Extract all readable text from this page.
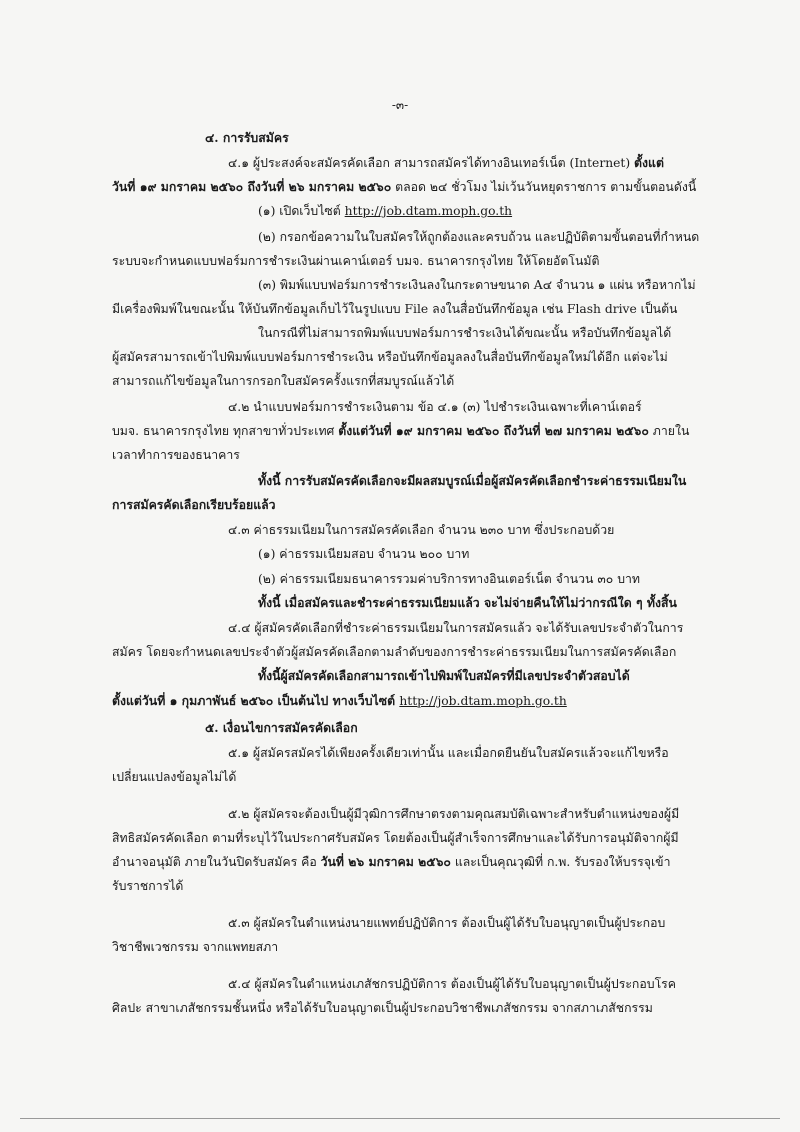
-๓-
๔. การรับสมัคร
๔.๑ ผู้ประสงค์จะสมัครคัดเลือก สามารถสมัครได้ทางอินเทอร์เน็ต (Internet) ตั้งแต่
วันที่ ๑๙ มกราคม ๒๕๖๐ ถึงวันที่ ๒๖ มกราคม ๒๕๖๐ ตลอด ๒๔ ชั่วโมง ไม่เว้นวันหยุดราชการ ตามขั้นตอนดังนี้
(๑) เปิดเว็บไซต์ http://job.dtam.moph.go.th
(๒) กรอกข้อความในใบสมัครให้ถูกต้องและครบถ้วน และปฏิบัติตามขั้นตอนที่กำหนด
ระบบจะกำหนดแบบฟอร์มการชำระเงินผ่านเคาน์เตอร์ บมจ. ธนาคารกรุงไทย ให้โดยอัตโนมัติ
(๓) พิมพ์แบบฟอร์มการชำระเงินลงในกระดาษขนาด A๔ จำนวน ๑ แผ่น หรือหากไม่
มีเครื่องพิมพ์ในขณะนั้น ให้บันทึกข้อมูลเก็บไว้ในรูปแบบ File ลงในสื่อบันทึกข้อมูล เช่น Flash drive เป็นต้น
ในกรณีที่ไม่สามารถพิมพ์แบบฟอร์มการชำระเงินได้ขณะนั้น หรือบันทึกข้อมูลได้
ผู้สมัครสามารถเข้าไปพิมพ์แบบฟอร์มการชำระเงิน หรือบันทึกข้อมูลลงในสื่อบันทึกข้อมูลใหม่ได้อีก แต่จะไม่
สามารถแก้ไขข้อมูลในการกรอกใบสมัครครั้งแรกที่สมบูรณ์แล้วได้
๔.๒ นำแบบฟอร์มการชำระเงินตาม ข้อ ๔.๑ (๓) ไปชำระเงินเฉพาะที่เคาน์เตอร์
บมจ. ธนาคารกรุงไทย ทุกสาขาทั่วประเทศ ตั้งแต่วันที่ ๑๙ มกราคม ๒๕๖๐ ถึงวันที่ ๒๗ มกราคม ๒๕๖๐ ภายใน
เวลาทำการของธนาคาร
ทั้งนี้ การรับสมัครคัดเลือกจะมีผลสมบูรณ์เมื่อผู้สมัครคัดเลือกชำระค่าธรรมเนียมใน
การสมัครคัดเลือกเรียบร้อยแล้ว
๔.๓ ค่าธรรมเนียมในการสมัครคัดเลือก จำนวน ๒๓๐ บาท ซึ่งประกอบด้วย
(๑) ค่าธรรมเนียมสอบ จำนวน ๒๐๐ บาท
(๒) ค่าธรรมเนียมธนาคารรวมค่าบริการทางอินเตอร์เน็ต จำนวน ๓๐ บาท
ทั้งนี้ เมื่อสมัครและชำระค่าธรรมเนียมแล้ว จะไม่จ่ายคืนให้ไม่ว่ากรณีใด ๆ ทั้งสิ้น
๔.๔ ผู้สมัครคัดเลือกที่ชำระค่าธรรมเนียมในการสมัครแล้ว จะได้รับเลขประจำตัวในการ
สมัคร โดยจะกำหนดเลขประจำตัวผู้สมัครคัดเลือกตามลำดับของการชำระค่าธรรมเนียมในการสมัครคัดเลือก
ทั้งนี้ผู้สมัครคัดเลือกสามารถเข้าไปพิมพ์ใบสมัครที่มีเลขประจำตัวสอบได้
ตั้งแต่วันที่ ๑ กุมภาพันธ์ ๒๕๖๐ เป็นต้นไป ทางเว็บไซต์ http://job.dtam.moph.go.th
๕. เงื่อนไขการสมัครคัดเลือก
๕.๑ ผู้สมัครสมัครได้เพียงครั้งเดียวเท่านั้น และเมื่อกดยืนยันใบสมัครแล้วจะแก้ไขหรือ
เปลี่ยนแปลงข้อมูลไม่ได้
๕.๒ ผู้สมัครจะต้องเป็นผู้มีวุฒิการศึกษาตรงตามคุณสมบัติเฉพาะสำหรับตำแหน่งของผู้มี
สิทธิสมัครคัดเลือก ตามที่ระบุไว้ในประกาศรับสมัคร โดยต้องเป็นผู้สำเร็จการศึกษาและได้รับการอนุมัติจากผู้มี
อำนาจอนุมัติ ภายในวันปิดรับสมัคร คือ วันที่ ๒๖ มกราคม ๒๕๖๐ และเป็นคุณวุฒิที่ ก.พ. รับรองให้บรรจุเข้า
รับราชการได้
๕.๓ ผู้สมัครในตำแหน่งนายแพทย์ปฏิบัติการ ต้องเป็นผู้ได้รับใบอนุญาตเป็นผู้ประกอบ
วิชาชีพเวชกรรม จากแพทยสภา
๕.๔ ผู้สมัครในตำแหน่งเภสัชกรปฏิบัติการ ต้องเป็นผู้ได้รับใบอนุญาตเป็นผู้ประกอบโรค
ศิลปะ สาขาเภสัชกรรมชั้นหนึ่ง หรือได้รับใบอนุญาตเป็นผู้ประกอบวิชาชีพเภสัชกรรม จากสภาเภสัชกรรม
